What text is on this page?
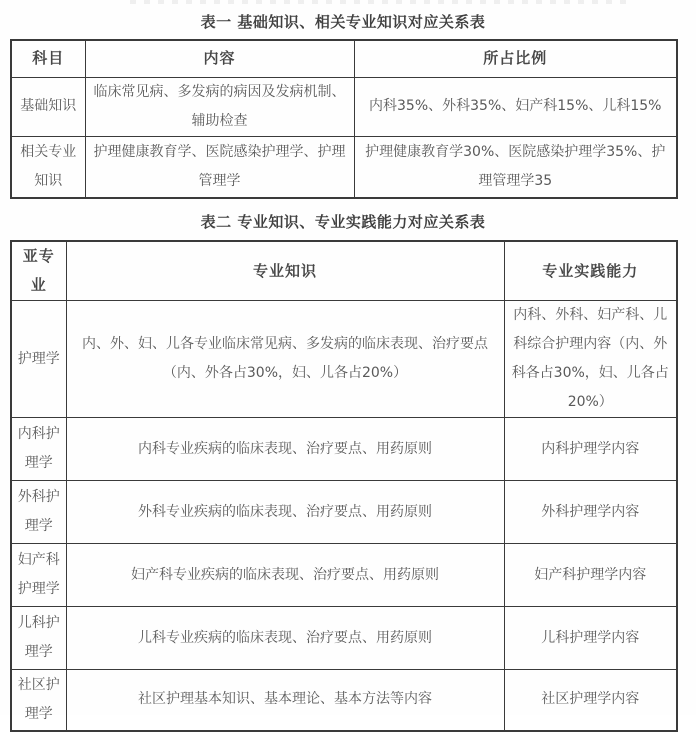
表一 基础知识、相关专业知识对应关系表
科目	内容	所占比例
基础知识	临床常见病、多发病的病因及发病机制、辅助检查	内科35%、外科35%、妇产科15%、儿科15%
相关专业知识	护理健康教育学、医院感染护理学、护理管理学	护理健康教育学30%、医院感染护理学35%、护理管理学35
表二 专业知识、专业实践能力对应关系表
亚专业	专业知识	专业实践能力
护理学	内、外、妇、儿各专业临床常见病、多发病的临床表现、治疗要点（内、外各占30%，妇、儿各占20%）	内科、外科、妇产科、儿科综合护理内容（内、外科各占30%，妇、儿各占20%）
内科护理学	内科专业疾病的临床表现、治疗要点、用药原则	内科护理学内容
外科护理学	外科专业疾病的临床表现、治疗要点、用药原则	外科护理学内容
妇产科护理学	妇产科专业疾病的临床表现、治疗要点、用药原则	妇产科护理学内容
儿科护理学	儿科专业疾病的临床表现、治疗要点、用药原则	儿科护理学内容
社区护理学	社区护理基本知识、基本理论、基本方法等内容	社区护理学内容
